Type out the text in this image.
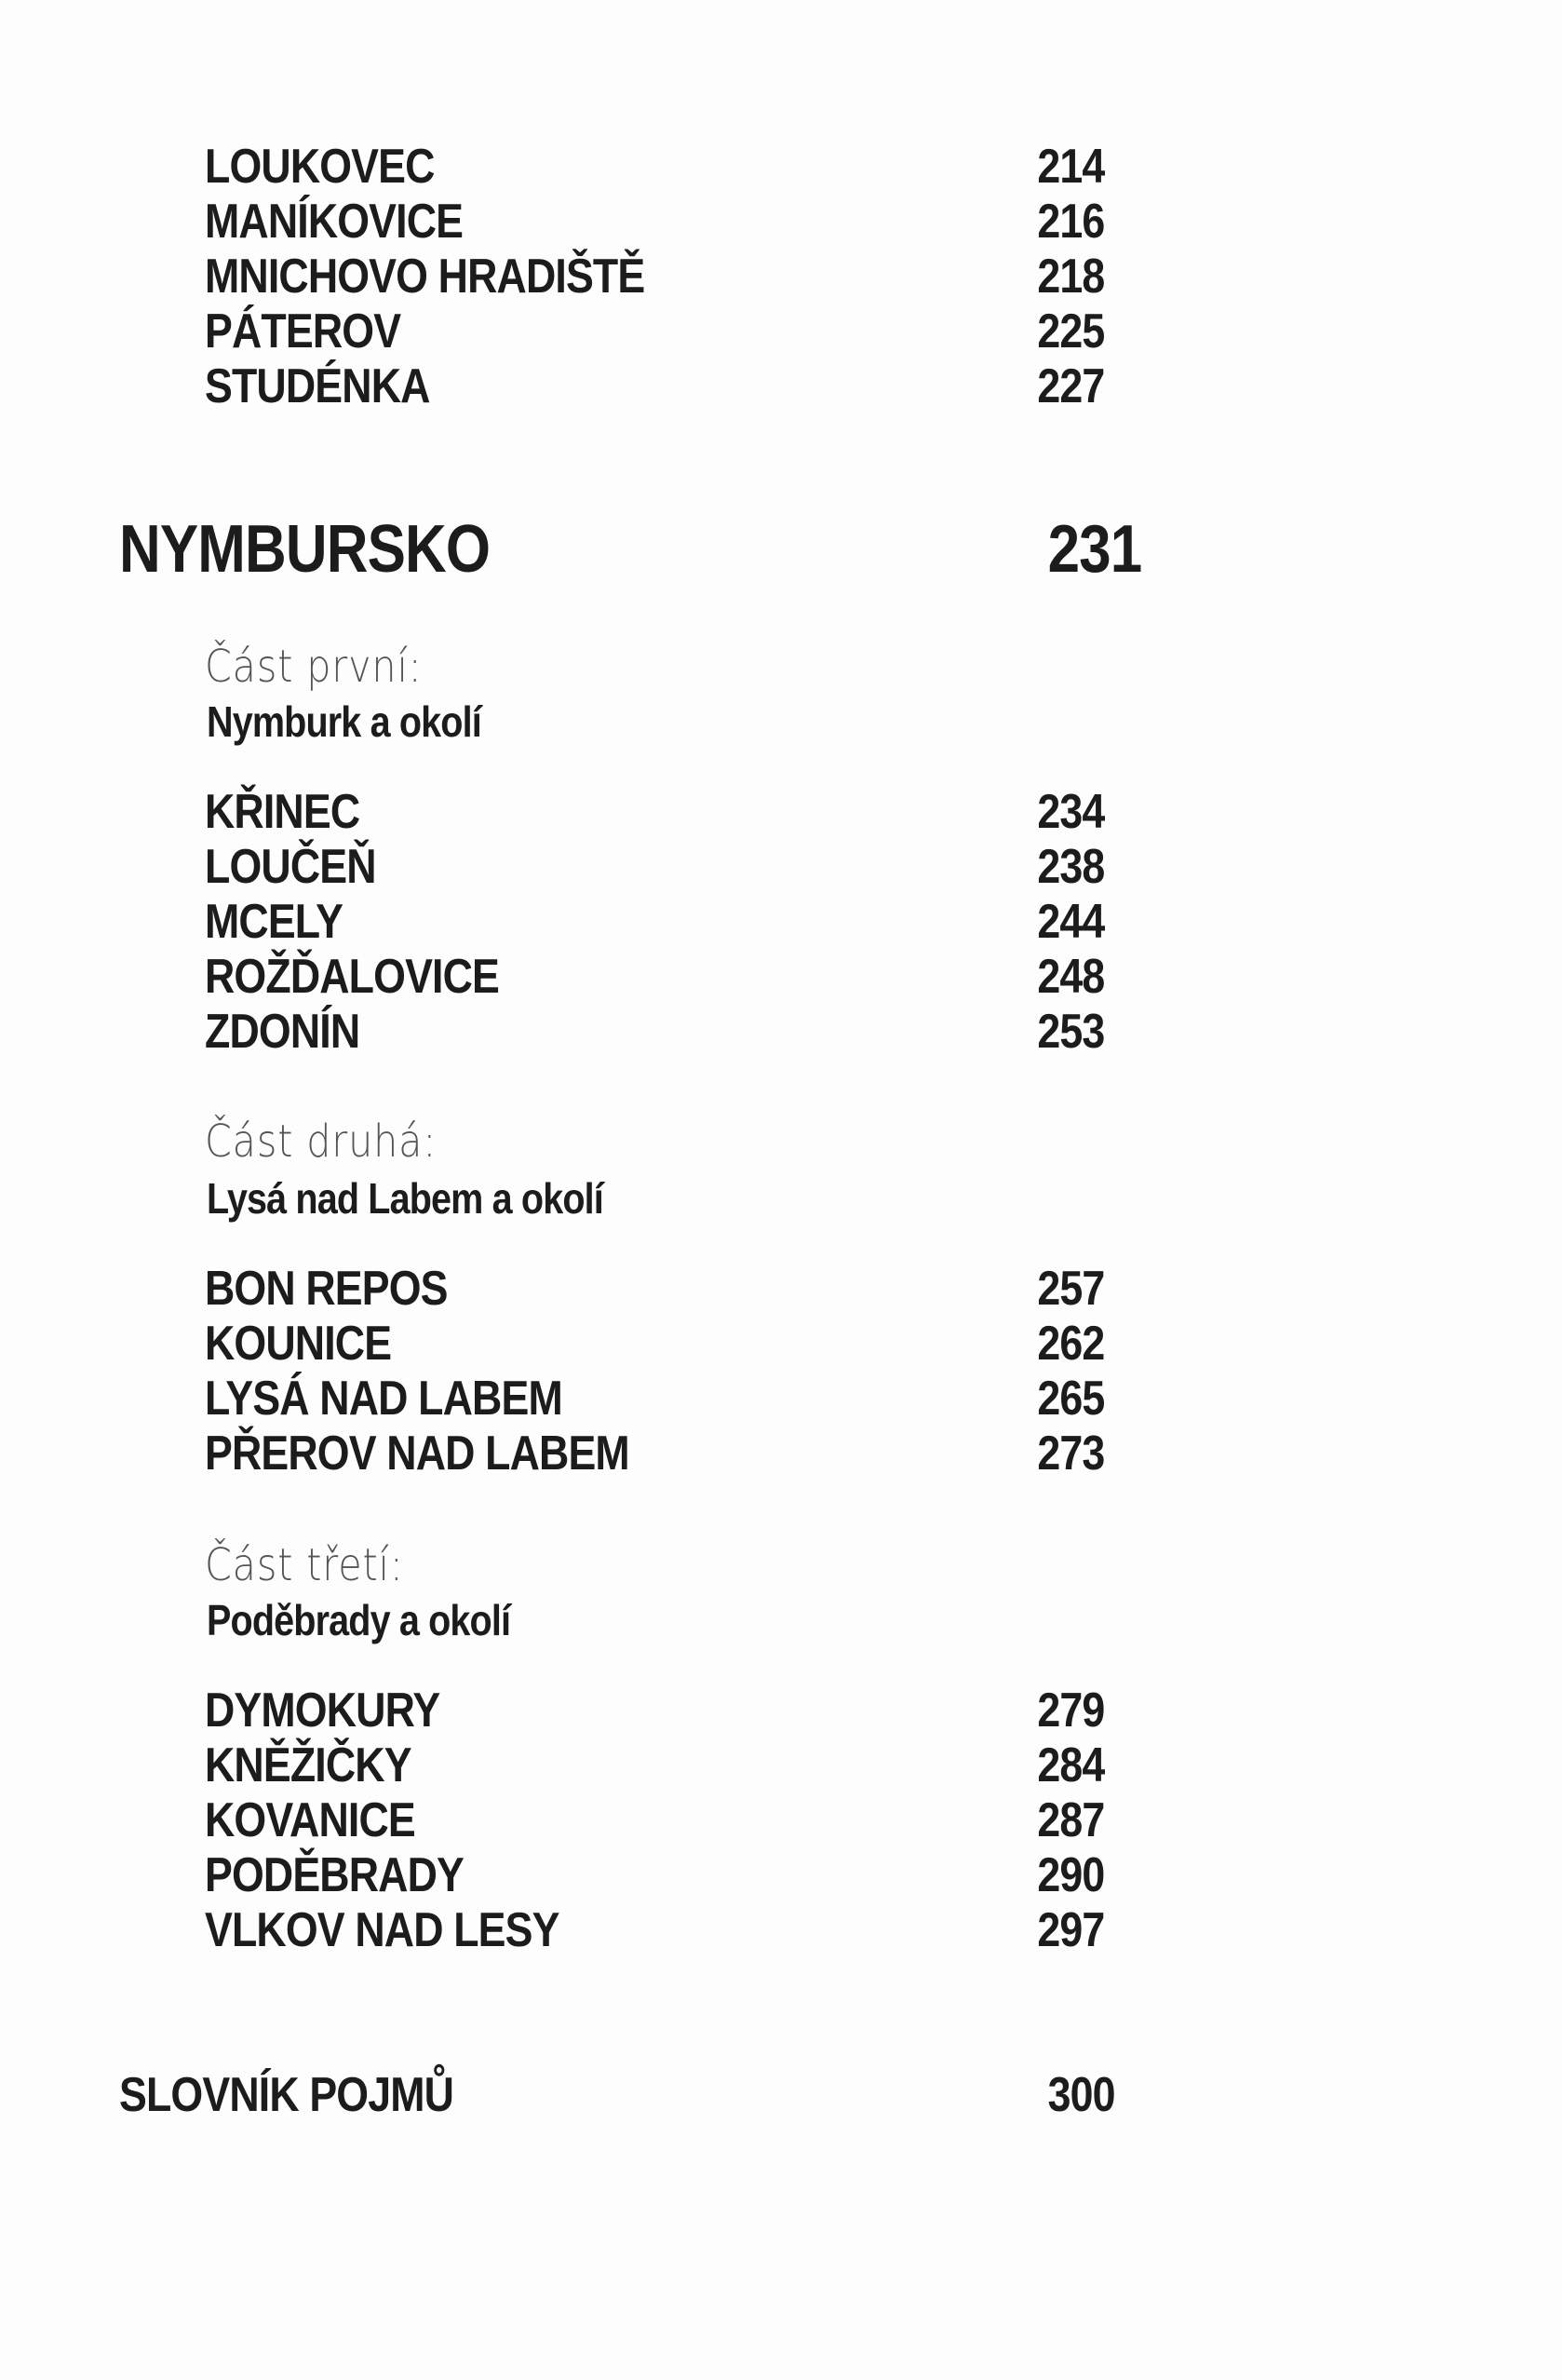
LOUKOVEC	214
MANÍKOVICE	216
MNICHOVO HRADIŠTĚ	218
PÁTEROV	225
STUDÉNKA	227
NYMBURSKO	231
Část první:
Nymburk a okolí
KŘINEC	234
LOUČEŇ	238
MCELY	244
ROŽĎALOVICE	248
ZDONÍN	253
Část druhá:
Lysá nad Labem a okolí
BON REPOS	257
KOUNICE	262
LYSÁ NAD LABEM	265
PŘEROV NAD LABEM	273
Část třetí:
Poděbrady a okolí
DYMOKURY	279
KNĚŽIČKY	284
KOVANICE	287
PODĚBRADY	290
VLKOV NAD LESY	297
SLOVNÍK POJMŮ	300
